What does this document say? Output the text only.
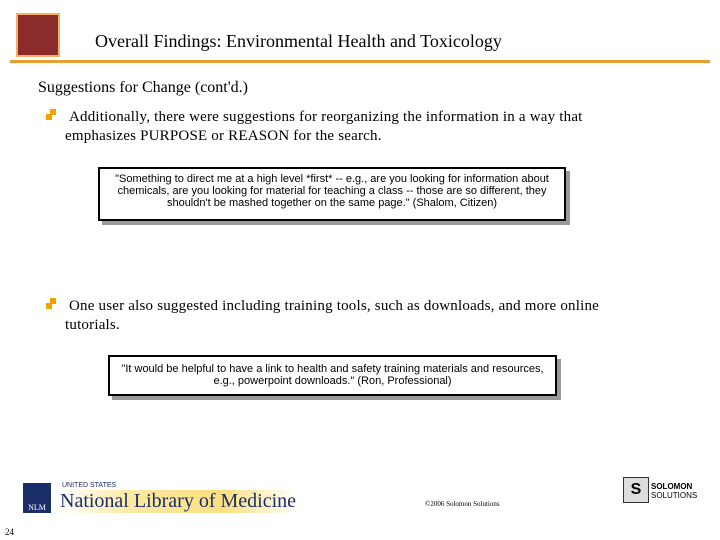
Overall Findings: Environmental Health and Toxicology
Suggestions for Change (cont'd.)
Additionally, there were suggestions for reorganizing the information in a way that emphasizes PURPOSE or REASON for the search.
"Something to direct me at a high level *first* -- e.g., are you looking for information about chemicals, are you looking for material for teaching a class -- those are so different, they shouldn't be mashed together on the same page." (Shalom, Citizen)
One user also suggested including training tools, such as downloads, and more online tutorials.
"It would be helpful to have a link to health and safety training materials and resources, e.g., powerpoint downloads." (Ron, Professional)
NLM
UNITED STATES
National Library of Medicine	©2006 Solomon Solutions
S	SOLOMON
SOLUTIONS
24
